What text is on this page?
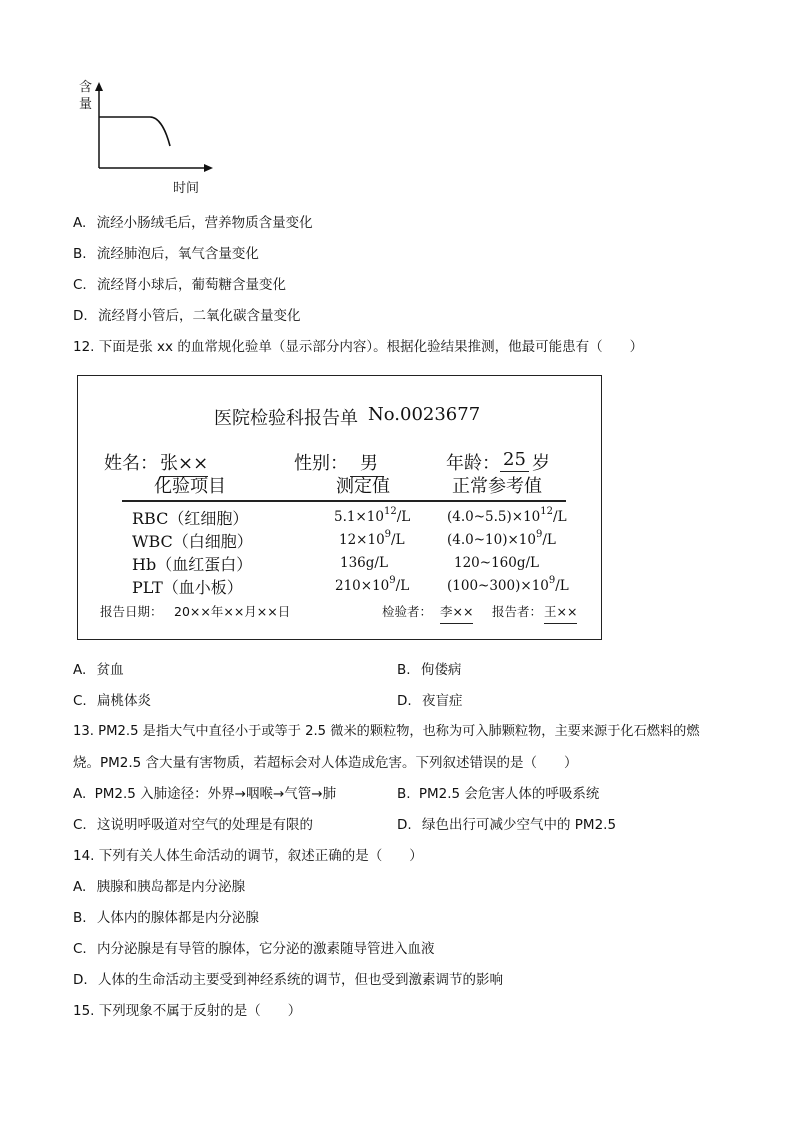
含
量
时间
A. 流经小肠绒毛后，营养物质含量变化
B. 流经肺泡后，氧气含量变化
C. 流经肾小球后，葡萄糖含量变化
D. 流经肾小管后，二氧化碳含量变化
12. 下面是张 xx 的血常规化验单（显示部分内容）。根据化验结果推测，他最可能患有（　　）
医院检验科报告单 No.0023677
姓名： 张××	性别： 男	年龄： 25 岁
化验项目	测定值	正常参考值
RBC（红细胞）	$5.1\times 10^{12}/L$	$(4.0\sim 5.5)\times 10^{12}/L$
WBC（白细胞）	$12\times 10^9/L$	$(4.0\sim 10)\times 10^9/L$
Hb（血红蛋白）	136g/L	120~160g/L
PLT（血小板）	$210\times 10^9/L$	$(100\sim 300)\times 10^9/L$
报告日期： 20××年××月××日	检验者： 李×× 报告者： 王××
A. 贫血	B. 佝偻病
C. 扁桃体炎	D. 夜盲症
13. PM2.5 是指大气中直径小于或等于 2.5 微米的颗粒物，也称为可入肺颗粒物，主要来源于化石燃料的燃
烧。PM2.5 含大量有害物质，若超标会对人体造成危害。下列叙述错误的是（　　）
A. PM2.5 入肺途径：外界→咽喉→气管→肺	B. PM2.5 会危害人体的呼吸系统
C. 这说明呼吸道对空气的处理是有限的	D. 绿色出行可减少空气中的 PM2.5
14. 下列有关人体生命活动的调节，叙述正确的是（　　）
A. 胰腺和胰岛都是内分泌腺
B. 人体内的腺体都是内分泌腺
C. 内分泌腺是有导管的腺体，它分泌的激素随导管进入血液
D. 人体的生命活动主要受到神经系统的调节，但也受到激素调节的影响
15. 下列现象不属于反射的是（　　）
